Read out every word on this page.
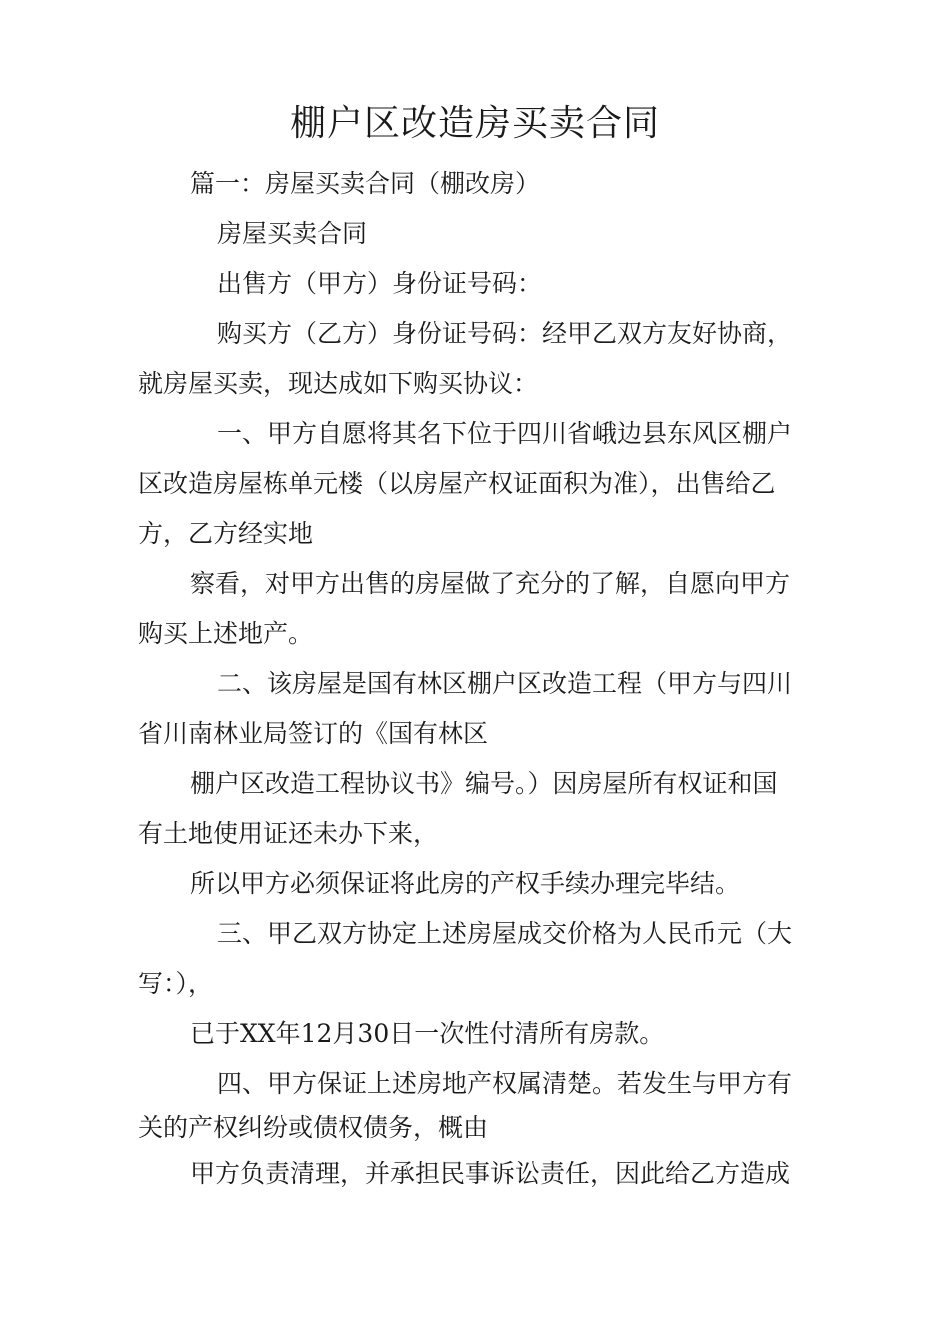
棚户区改造房买卖合同
篇一：房屋买卖合同（棚改房）
房屋买卖合同
出售方（甲方）身份证号码：
购买方（乙方）身份证号码：经甲乙双方友好协商，
就房屋买卖，现达成如下购买协议：
一、甲方自愿将其名下位于四川省峨边县东风区棚户
区改造房屋栋单元楼（以房屋产权证面积为准），出售给乙
方，乙方经实地
察看，对甲方出售的房屋做了充分的了解，自愿向甲方
购买上述地产。
二、该房屋是国有林区棚户区改造工程（甲方与四川
省川南林业局签订的《国有林区
棚户区改造工程协议书》编号。）因房屋所有权证和国
有土地使用证还未办下来，
所以甲方必须保证将此房的产权手续办理完毕结。
三、甲乙双方协定上述房屋成交价格为人民币元（大
写：），
已于XX年12月30日一次性付清所有房款。
四、甲方保证上述房地产权属清楚。若发生与甲方有
关的产权纠纷或债权债务，概由
甲方负责清理，并承担民事诉讼责任，因此给乙方造成
